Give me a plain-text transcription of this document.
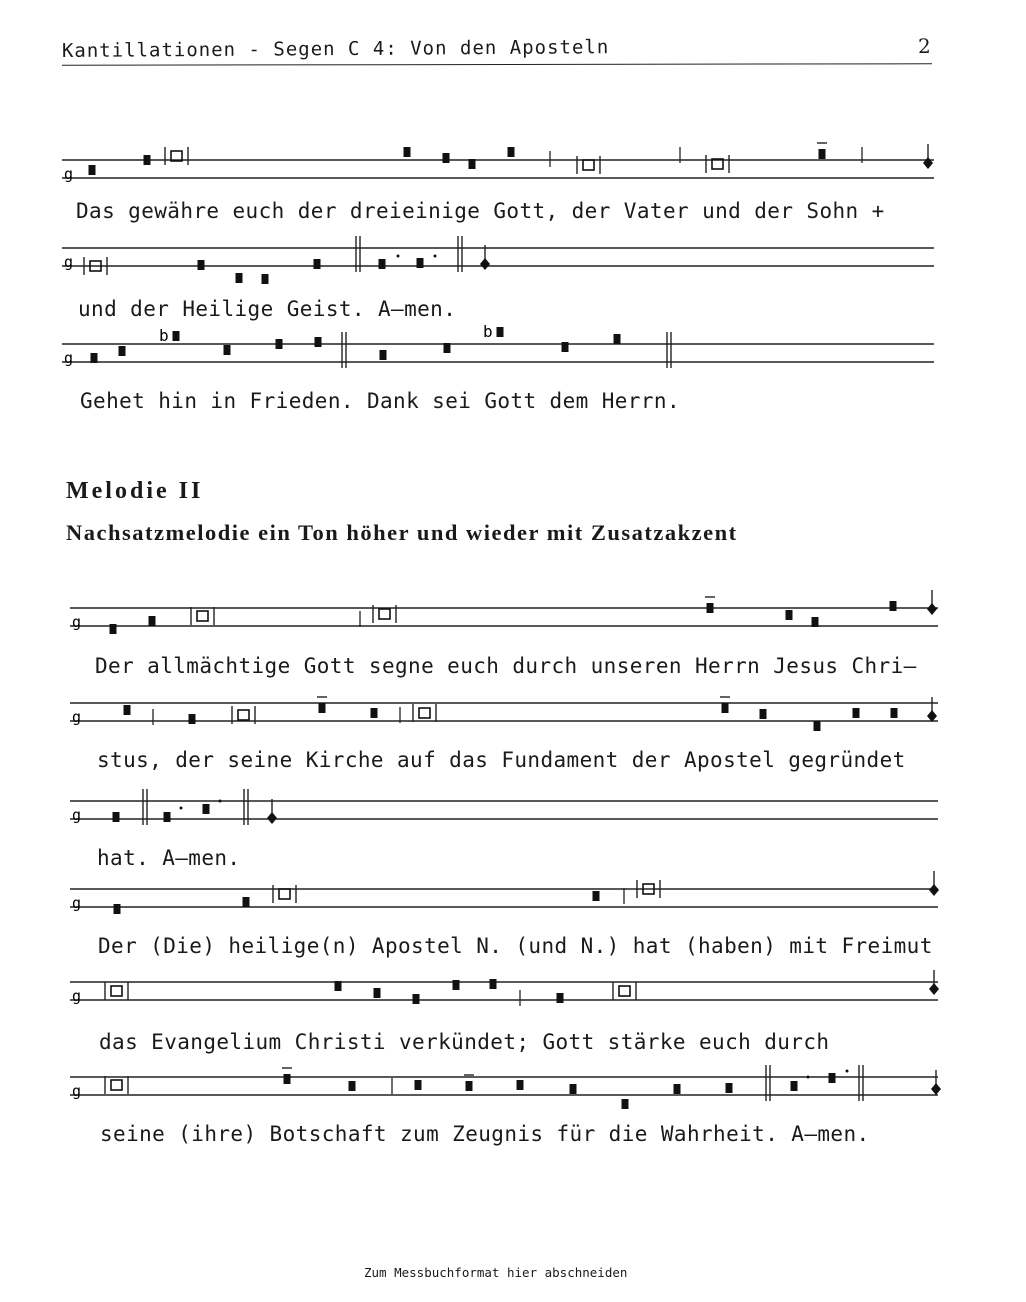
Kantillationen - Segen C 4: Von den Aposteln	2
g
Das gewähre euch der dreieinige Gott, der Vater und der Sohn +
g
und der Heilige Geist. A—men.
g
b	b
Gehet hin in Frieden. Dank sei Gott dem Herrn.
Melodie II
Nachsatzmelodie ein Ton höher und wieder mit Zusatzakzent
g
Der allmächtige Gott segne euch durch unseren Herrn Jesus Chri–
g
stus, der seine Kirche auf das Fundament der Apostel gegründet
g
hat. A—men.
g
Der (Die) heilige(n) Apostel N. (und N.) hat (haben) mit Freimut
g
das Evangelium Christi verkündet; Gott stärke euch durch
g
seine (ihre) Botschaft zum Zeugnis für die Wahrheit. A—men.
Zum Messbuchformat hier abschneiden
